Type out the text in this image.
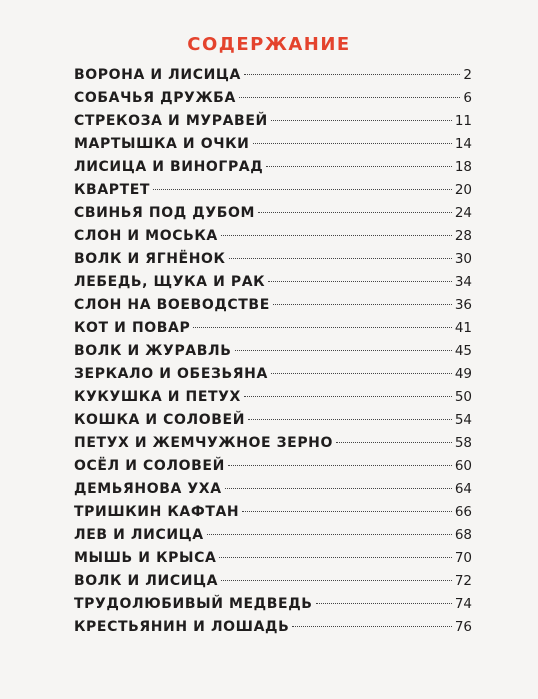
СОДЕРЖАНИЕ
ВОРОНА И ЛИСИЦА	2
СОБАЧЬЯ ДРУЖБА	6
СТРЕКОЗА И МУРАВЕЙ	11
МАРТЫШКА И ОЧКИ	14
ЛИСИЦА И ВИНОГРАД	18
КВАРТЕТ	20
СВИНЬЯ ПОД ДУБОМ	24
СЛОН И МОСЬКА	28
ВОЛК И ЯГНЁНОК	30
ЛЕБЕДЬ, ЩУКА И РАК	34
СЛОН НА ВОЕВОДСТВЕ	36
КОТ И ПОВАР	41
ВОЛК И ЖУРАВЛЬ	45
ЗЕРКАЛО И ОБЕЗЬЯНА	49
КУКУШКА И ПЕТУХ	50
КОШКА И СОЛОВЕЙ	54
ПЕТУХ И ЖЕМЧУЖНОЕ ЗЕРНО	58
ОСЁЛ И СОЛОВЕЙ	60
ДЕМЬЯНОВА УХА	64
ТРИШКИН КАФТАН	66
ЛЕВ И ЛИСИЦА	68
МЫШЬ И КРЫСА	70
ВОЛК И ЛИСИЦА	72
ТРУДОЛЮБИВЫЙ МЕДВЕДЬ	74
КРЕСТЬЯНИН И ЛОШАДЬ	76
